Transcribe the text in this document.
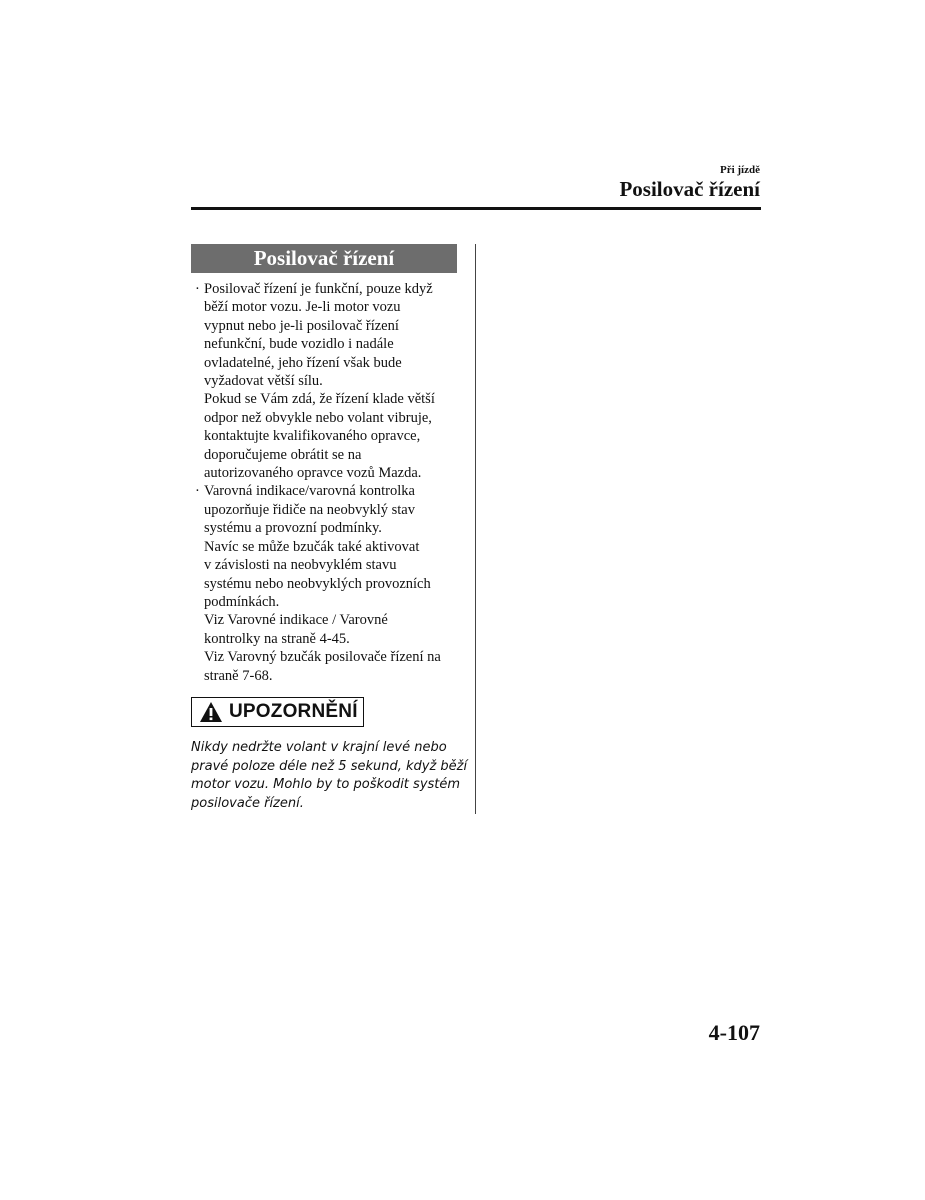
Při jízdě
Posilovač řízení
Posilovač řízení
· Posilovač řízení je funkční, pouze když
běží motor vozu. Je-li motor vozu
vypnut nebo je-li posilovač řízení
nefunkční, bude vozidlo i nadále
ovladatelné, jeho řízení však bude
vyžadovat větší sílu.
Pokud se Vám zdá, že řízení klade větší
odpor než obvykle nebo volant vibruje,
kontaktujte kvalifikovaného opravce,
doporučujeme obrátit se na
autorizovaného opravce vozů Mazda.

· Varovná indikace/varovná kontrolka
upozorňuje řidiče na neobvyklý stav
systému a provozní podmínky.
Navíc se může bzučák také aktivovat
v závislosti na neobvyklém stavu
systému nebo neobvyklých provozních
podmínkách.
Viz Varovné indikace / Varovné
kontrolky na straně 4-45.
Viz Varovný bzučák posilovače řízení na
straně 7-68.

UPOZORNĚNÍ
Nikdy nedržte volant v krajní levé nebo
pravé poloze déle než 5 sekund, když běží
motor vozu. Mohlo by to poškodit systém
posilovače řízení.
4-107
